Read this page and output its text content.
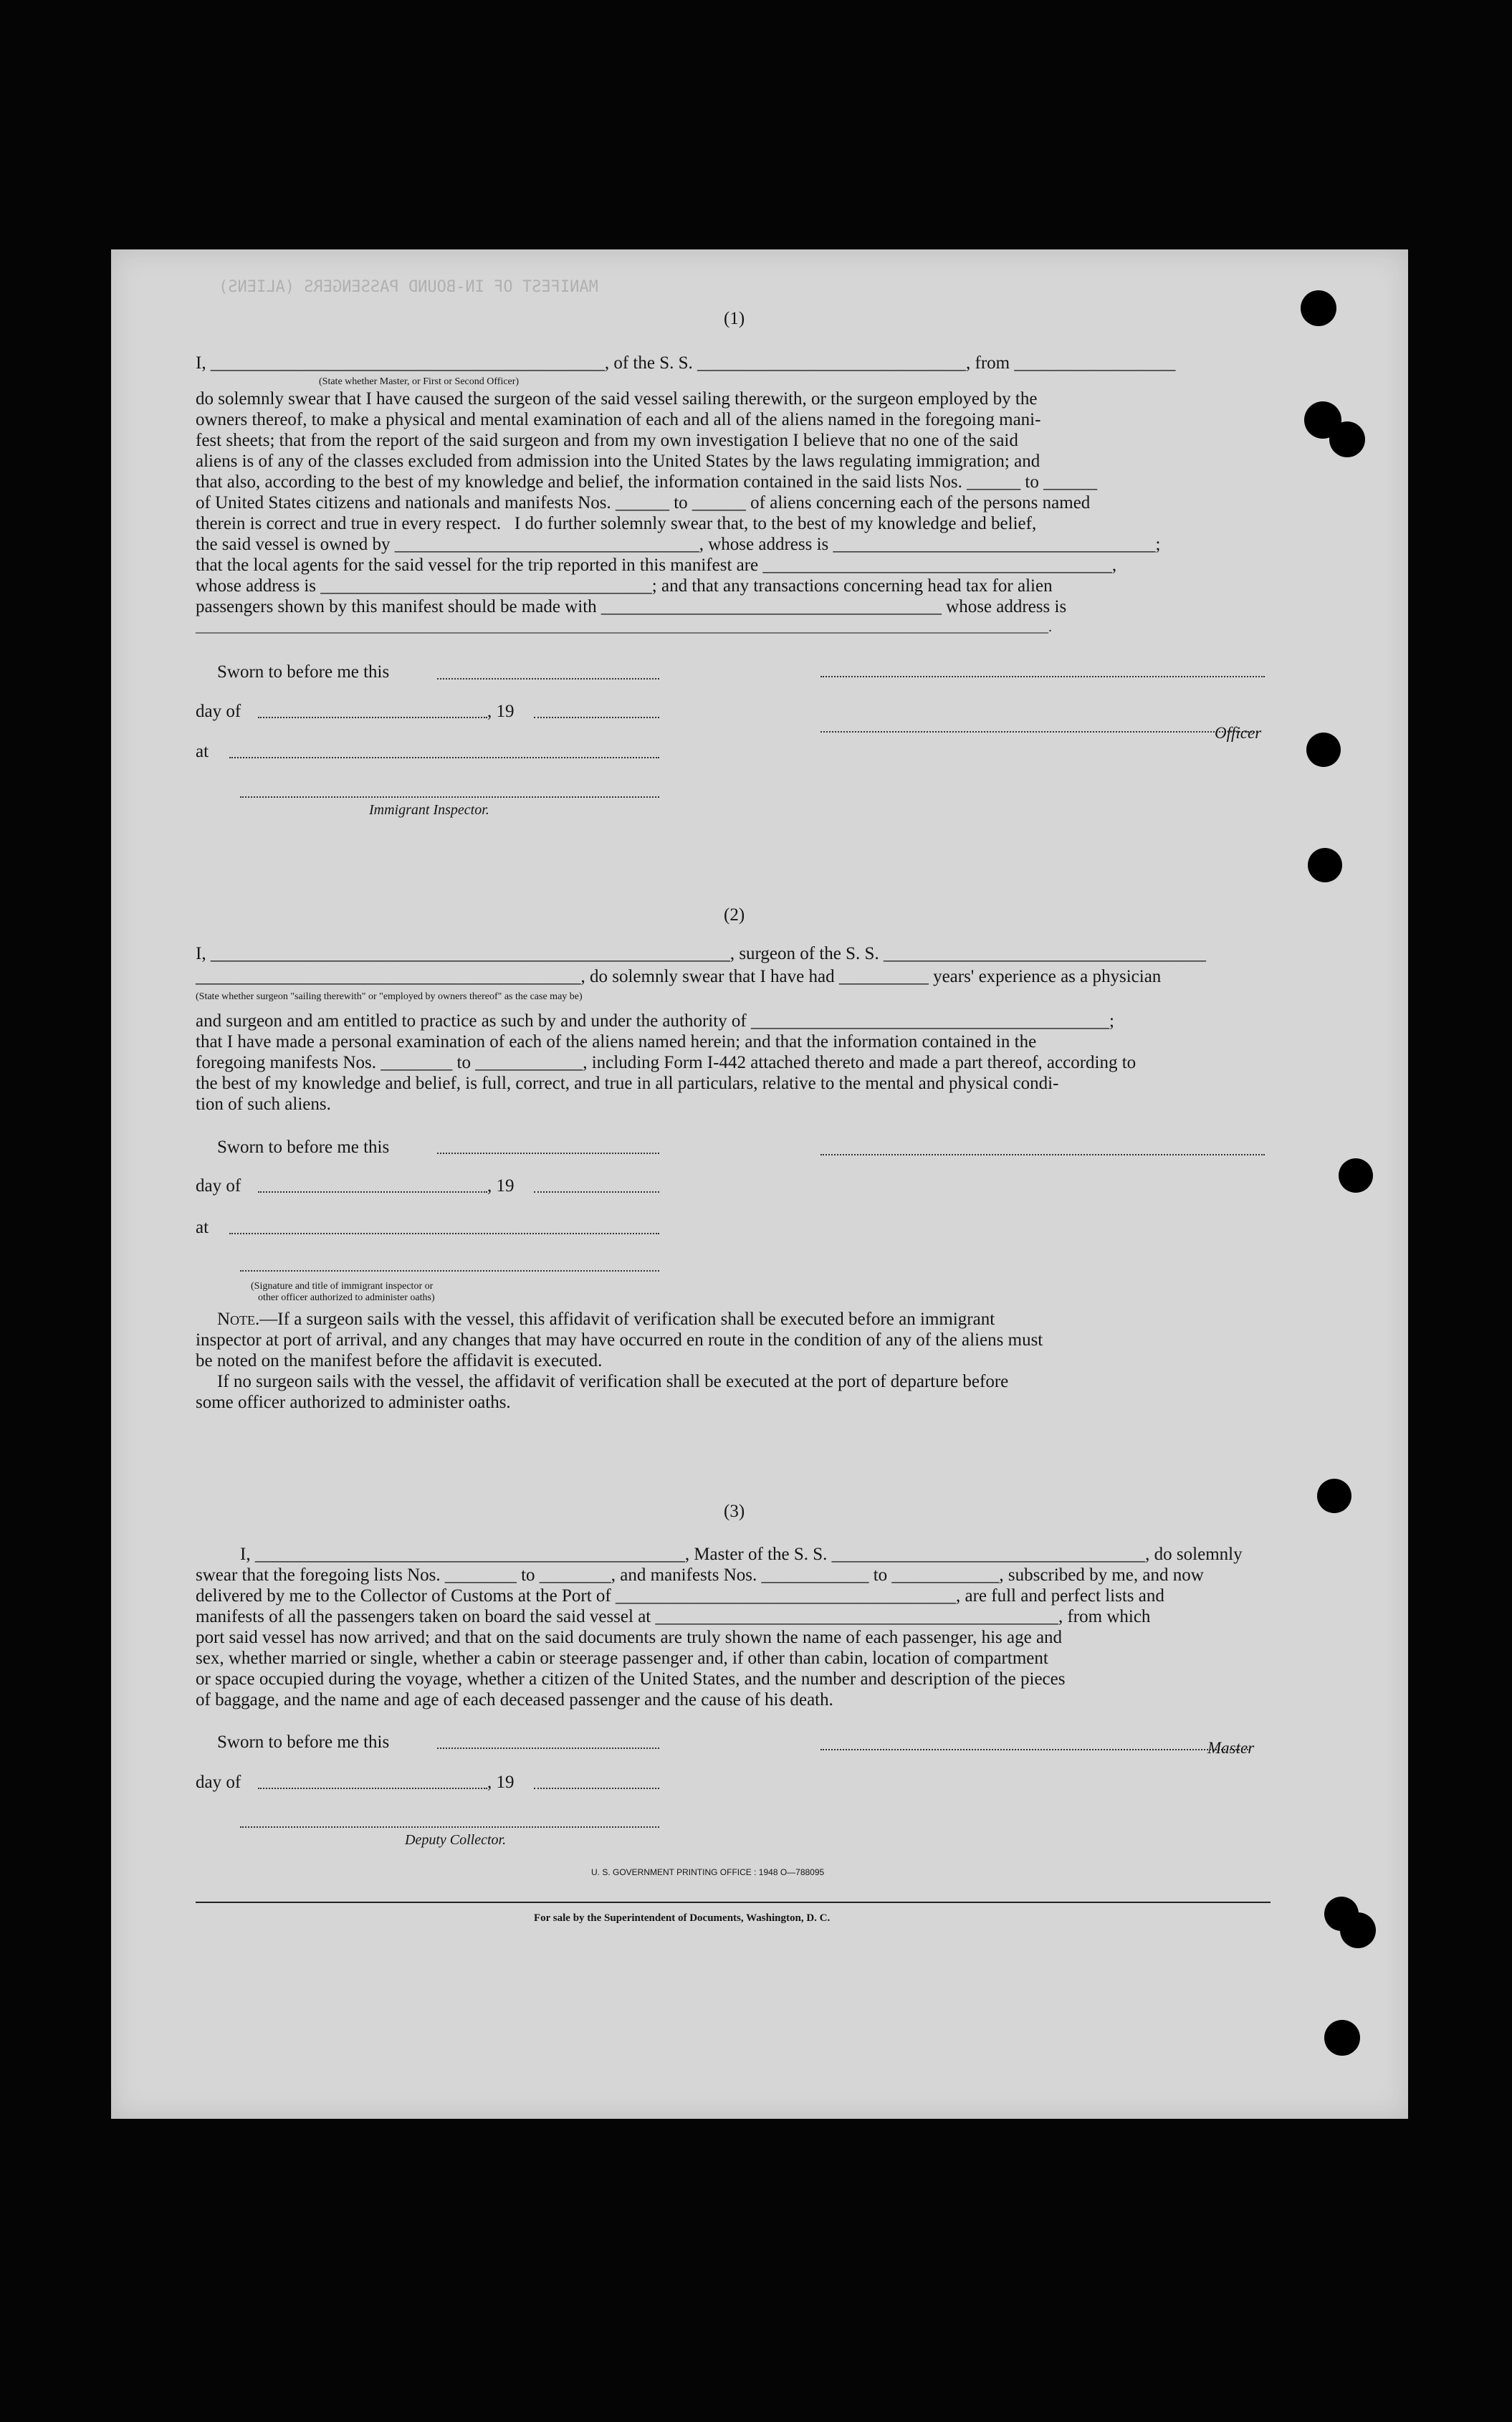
MANIFEST OF IN-BOUND PASSENGERS (ALIENS)
(1)
I, ____________________________________________, of the S. S. ______________________________, from __________________
(State whether Master, or First or Second Officer)
do solemnly swear that I have caused the surgeon of the said vessel sailing therewith, or the surgeon employed by the
owners thereof, to make a physical and mental examination of each and all of the aliens named in the foregoing mani-
fest sheets; that from the report of the said surgeon and from my own investigation I believe that no one of the said
aliens is of any of the classes excluded from admission into the United States by the laws regulating immigration; and
that also, according to the best of my knowledge and belief, the information contained in the said lists Nos. ______ to ______
of United States citizens and nationals and manifests Nos. ______ to ______ of aliens concerning each of the persons named
therein is correct and true in every respect.   I do further solemnly swear that, to the best of my knowledge and belief,
the said vessel is owned by __________________________________, whose address is ____________________________________;
that the local agents for the said vessel for the trip reported in this manifest are _______________________________________,
whose address is _____________________________________; and that any transactions concerning head tax for alien
passengers shown by this manifest should be made with ______________________________________ whose address is
_______________________________________________________________________________________________________________________.
Sworn to before me this
day of	, 19
at
Immigrant Inspector.
Officer
(2)
I, __________________________________________________________, surgeon of the S. S. ____________________________________
___________________________________________, do solemnly swear that I have had __________ years' experience as a physician
(State whether surgeon "sailing therewith" or "employed by owners thereof" as the case may be)
and surgeon and am entitled to practice as such by and under the authority of ________________________________________;
that I have made a personal examination of each of the aliens named herein; and that the information contained in the
foregoing manifests Nos. ________ to ____________, including Form I-442 attached thereto and made a part thereof, according to
the best of my knowledge and belief, is full, correct, and true in all particulars, relative to the mental and physical condi-
tion of such aliens.
Sworn to before me this
day of	, 19
at
(Signature and title of immigrant inspector or
other officer authorized to administer oaths)
Note.—If a surgeon sails with the vessel, this affidavit of verification shall be executed before an immigrant
inspector at port of arrival, and any changes that may have occurred en route in the condition of any of the aliens must
be noted on the manifest before the affidavit is executed.
If no surgeon sails with the vessel, the affidavit of verification shall be executed at the port of departure before
some officer authorized to administer oaths.
(3)
I, ________________________________________________, Master of the S. S. ___________________________________, do solemnly
swear that the foregoing lists Nos. ________ to ________, and manifests Nos. ____________ to ____________, subscribed by me, and now
delivered by me to the Collector of Customs at the Port of ______________________________________, are full and perfect lists and
manifests of all the passengers taken on board the said vessel at _____________________________________________, from which
port said vessel has now arrived; and that on the said documents are truly shown the name of each passenger, his age and
sex, whether married or single, whether a cabin or steerage passenger and, if other than cabin, location of compartment
or space occupied during the voyage, whether a citizen of the United States, and the number and description of the pieces
of baggage, and the name and age of each deceased passenger and the cause of his death.
Sworn to before me this	Master
day of	, 19
Deputy Collector.
U. S. GOVERNMENT PRINTING OFFICE : 1948 O—788095
For sale by the Superintendent of Documents, Washington, D. C.
